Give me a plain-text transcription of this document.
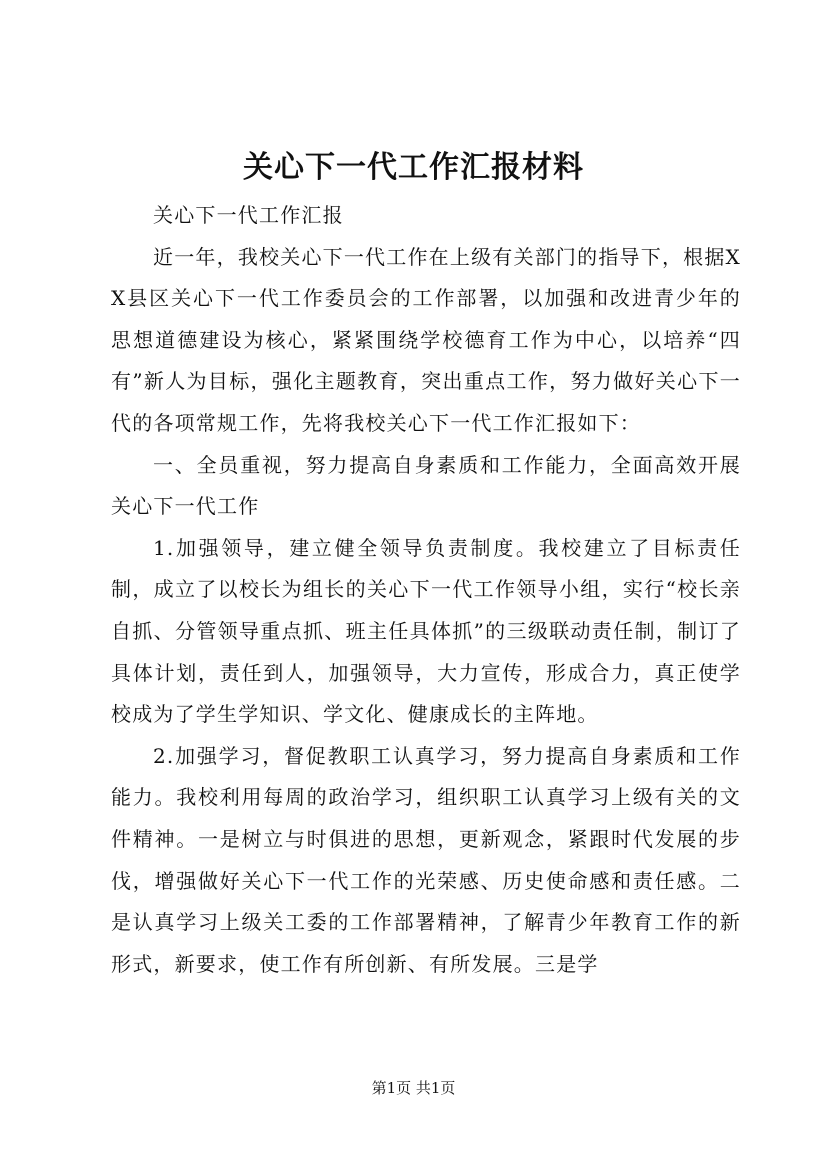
关心下一代工作汇报材料

关心下一代工作汇报

近一年，我校关心下一代工作在上级有关部门的指导下，根据XX县区关心下一代工作委员会的工作部署，以加强和改进青少年的思想道德建设为核心，紧紧围绕学校德育工作为中心，以培养“四有”新人为目标，强化主题教育，突出重点工作，努力做好关心下一代的各项常规工作，先将我校关心下一代工作汇报如下：

一、全员重视，努力提高自身素质和工作能力，全面高效开展关心下一代工作

1.加强领导，建立健全领导负责制度。我校建立了目标责任制，成立了以校长为组长的关心下一代工作领导小组，实行“校长亲自抓、分管领导重点抓、班主任具体抓”的三级联动责任制，制订了具体计划，责任到人，加强领导，大力宣传，形成合力，真正使学校成为了学生学知识、学文化、健康成长的主阵地。

2.加强学习，督促教职工认真学习，努力提高自身素质和工作能力。我校利用每周的政治学习，组织职工认真学习上级有关的文件精神。一是树立与时俱进的思想，更新观念，紧跟时代发展的步伐，增强做好关心下一代工作的光荣感、历史使命感和责任感。二是认真学习上级关工委的工作部署精神，了解青少年教育工作的新形式，新要求，使工作有所创新、有所发展。三是学

第1页 共1页
